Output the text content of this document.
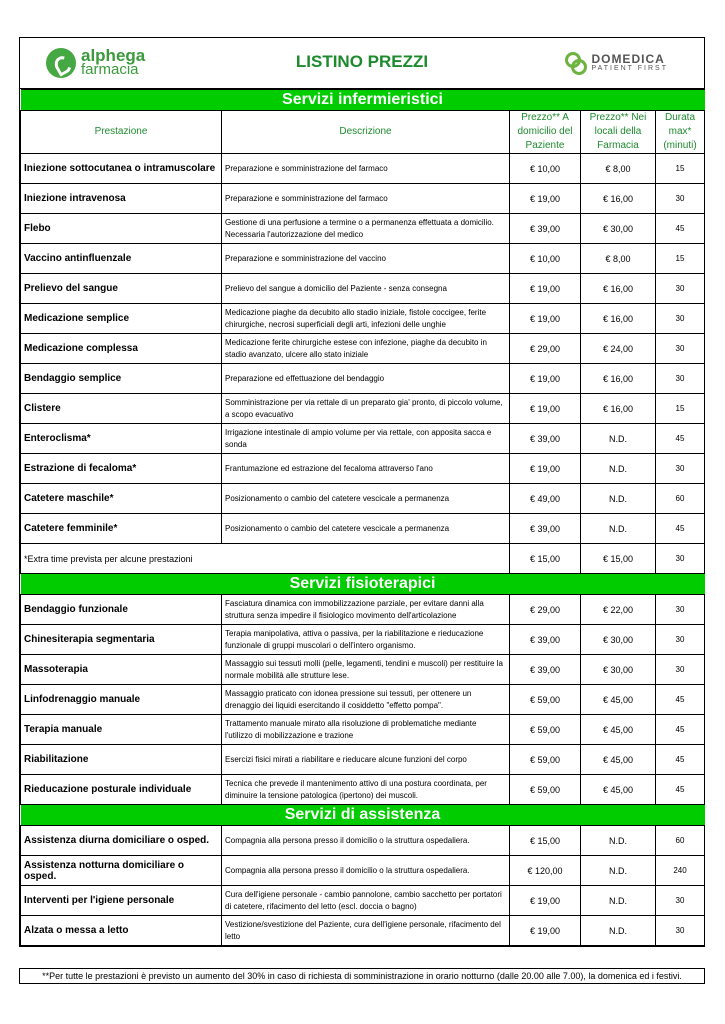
alphega
farmacia	LISTINO PREZZI	DOMEDICA
PATIENT FIRST
Servizi infermieristici				
Prestazione	Descrizione	Prezzo** A domicilio del Paziente	Prezzo** Nei locali della Farmacia	Durata max* (minuti)
Iniezione sottocutanea o intramuscolare	Preparazione e somministrazione del farmaco	€ 10,00	€ 8,00	15
Iniezione intravenosa	Preparazione e somministrazione del farmaco	€ 19,00	€ 16,00	30
Flebo	Gestione di una perfusione a termine o a permanenza effettuata a domicilio. Necessaria l'autorizzazione del medico	€ 39,00	€ 30,00	45
Vaccino antinfluenzale	Preparazione e somministrazione del vaccino	€ 10,00	€ 8,00	15
Prelievo del sangue	Prelievo del sangue a domicilio del Paziente - senza consegna	€ 19,00	€ 16,00	30
Medicazione semplice	Medicazione piaghe da decubito allo stadio iniziale, fistole coccigee, ferite chirurgiche, necrosi superficiali degli arti, infezioni delle unghie	€ 19,00	€ 16,00	30
Medicazione complessa	Medicazione ferite chirurgiche estese con infezione, piaghe da decubito in stadio avanzato, ulcere allo stato iniziale	€ 29,00	€ 24,00	30
Bendaggio semplice	Preparazione ed effettuazione del bendaggio	€ 19,00	€ 16,00	30
Clistere	Somministrazione per via rettale di un preparato gia' pronto, di piccolo volume, a scopo evacuativo	€ 19,00	€ 16,00	15
Enteroclisma*	Irrigazione intestinale di ampio volume per via rettale, con apposita sacca e sonda	€ 39,00	N.D.	45
Estrazione di fecaloma*	Frantumazione ed estrazione del fecaloma attraverso l'ano	€ 19,00	N.D.	30
Catetere maschile*	Posizionamento o cambio del catetere vescicale a permanenza	€ 49,00	N.D.	60
Catetere femminile*	Posizionamento o cambio del catetere vescicale a permanenza	€ 39,00	N.D.	45
*Extra time prevista per alcune prestazioni		€ 15,00	€ 15,00	30
Servizi fisioterapici				
Bendaggio funzionale	Fasciatura dinamica con immobilizzazione parziale, per evitare danni alla struttura senza impedire il fisiologico movimento dell'articolazione	€ 29,00	€ 22,00	30
Chinesiterapia segmentaria	Terapia manipolativa, attiva o passiva, per la riabilitazione e rieducazione funzionale di gruppi muscolari o dell'intero organismo.	€ 39,00	€ 30,00	30
Massoterapia	Massaggio sui tessuti molli (pelle, legamenti, tendini e muscoli) per restituire la normale mobilità alle strutture lese.	€ 39,00	€ 30,00	30
Linfodrenaggio manuale	Massaggio praticato con idonea pressione sui tessuti, per ottenere un drenaggio dei liquidi esercitando il cosiddetto "effetto pompa".	€ 59,00	€ 45,00	45
Terapia manuale	Trattamento manuale mirato alla risoluzione di problematiche mediante l'utilizzo di mobilizzazione e trazione	€ 59,00	€ 45,00	45
Riabilitazione	Esercizi fisici mirati a riabilitare e rieducare alcune funzioni del corpo	€ 59,00	€ 45,00	45
Rieducazione posturale individuale	Tecnica che prevede il mantenimento attivo di una postura coordinata, per diminuire la tensione patologica (ipertono) dei muscoli.	€ 59,00	€ 45,00	45
Servizi di assistenza				
Assistenza diurna domiciliare o osped.	Compagnia alla persona presso il domicilio o la struttura ospedaliera.	€ 15,00	N.D.	60
Assistenza notturna domiciliare o osped.	Compagnia alla persona presso il domicilio o la struttura ospedaliera.	€ 120,00	N.D.	240
Interventi per l'igiene personale	Cura dell'igiene personale - cambio pannolone, cambio sacchetto per portatori di catetere, rifacimento del letto (escl. doccia o bagno)	€ 19,00	N.D.	30
Alzata o messa a letto	Vestizione/svestizione del Paziente, cura dell'igiene personale, rifacimento del letto	€ 19,00	N.D.	30
**Per tutte le prestazioni è previsto un aumento del 30% in caso di richiesta di somministrazione in orario notturno (dalle 20.00 alle 7.00), la domenica ed i festivi.
